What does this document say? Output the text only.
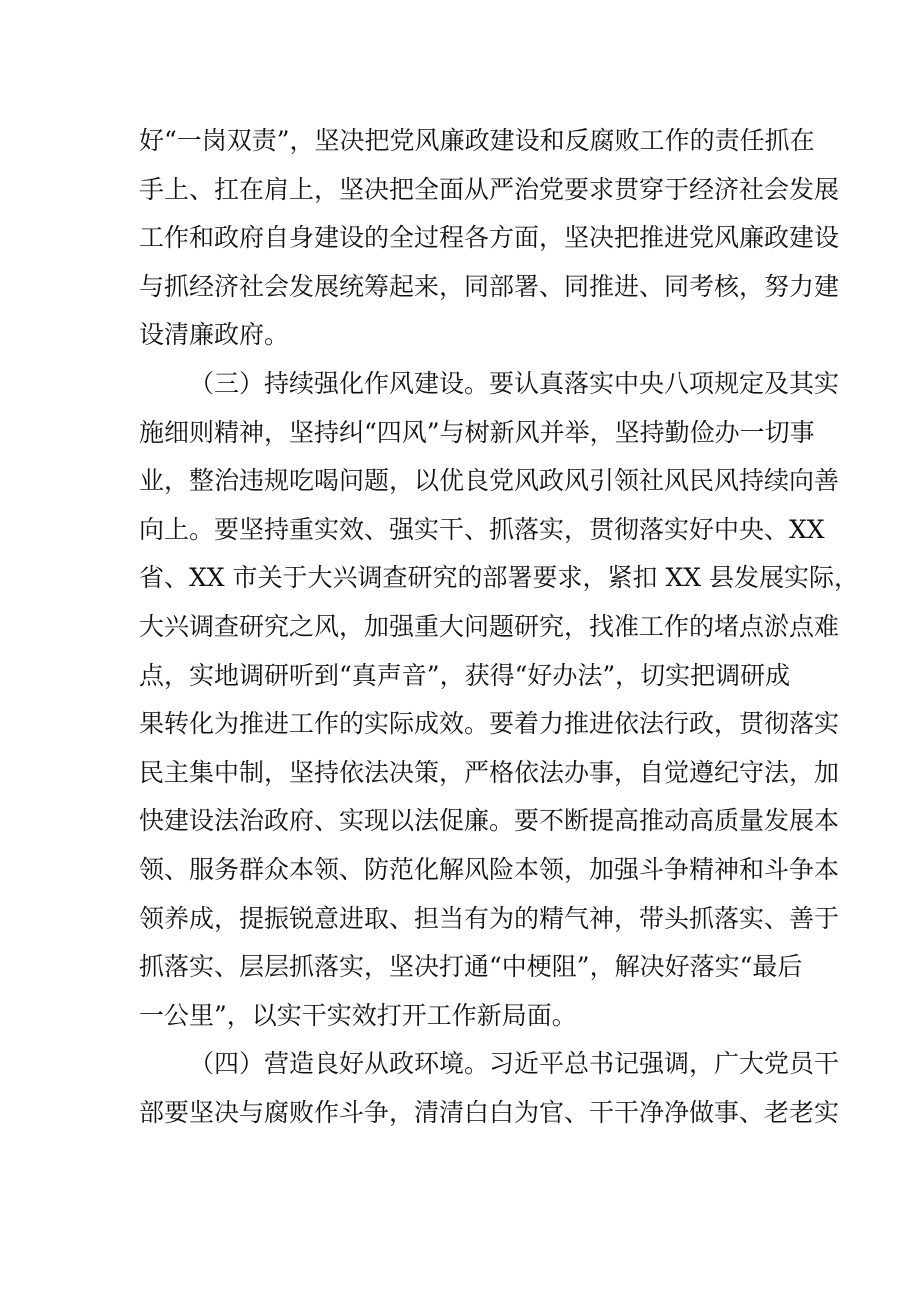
好“一岗双责”，坚决把党风廉政建设和反腐败工作的责任抓在

手上、扛在肩上，坚决把全面从严治党要求贯穿于经济社会发展

工作和政府自身建设的全过程各方面，坚决把推进党风廉政建设

与抓经济社会发展统筹起来，同部署、同推进、同考核，努力建

设清廉政府。

（三）持续强化作风建设。要认真落实中央八项规定及其实

施细则精神，坚持纠“四风”与树新风并举，坚持勤俭办一切事

业，整治违规吃喝问题，以优良党风政风引领社风民风持续向善

向上。要坚持重实效、强实干、抓落实，贯彻落实好中央、XX

省、XX 市关于大兴调查研究的部署要求，紧扣 XX 县发展实际，

大兴调查研究之风，加强重大问题研究，找准工作的堵点淤点难

点，实地调研听到“真声音”，获得“好办法”，切实把调研成

果转化为推进工作的实际成效。要着力推进依法行政，贯彻落实

民主集中制，坚持依法决策，严格依法办事，自觉遵纪守法，加

快建设法治政府、实现以法促廉。要不断提高推动高质量发展本

领、服务群众本领、防范化解风险本领，加强斗争精神和斗争本

领养成，提振锐意进取、担当有为的精气神，带头抓落实、善于

抓落实、层层抓落实，坚决打通“中梗阻”，解决好落实“最后

一公里”，以实干实效打开工作新局面。

（四）营造良好从政环境。习近平总书记强调，广大党员干

部要坚决与腐败作斗争，清清白白为官、干干净净做事、老老实
